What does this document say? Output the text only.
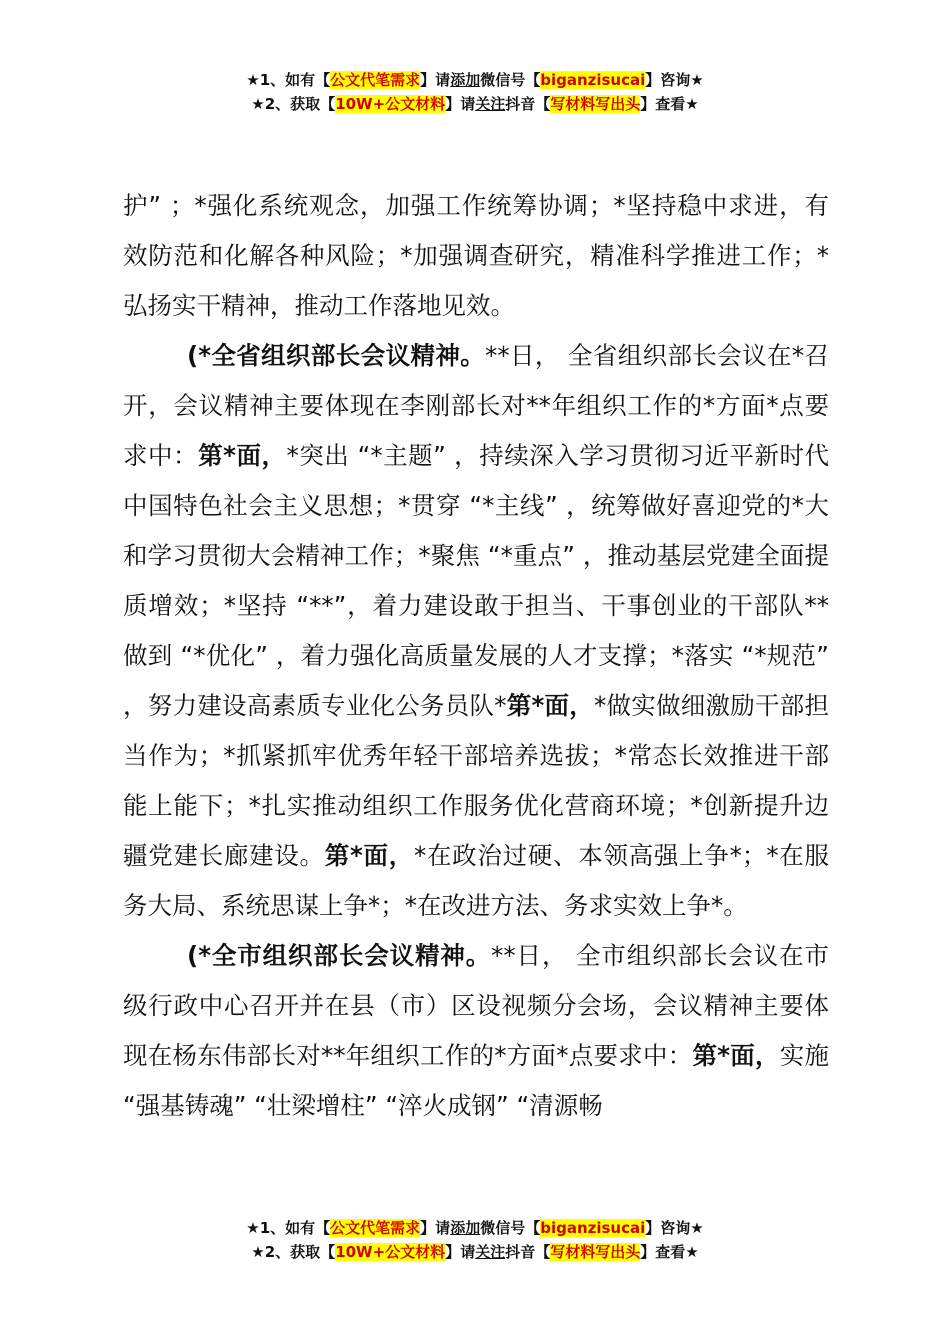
★1、如有【公文代笔需求】请添加微信号【biganzisucai】咨询★
★2、获取【10W+公文材料】请关注抖音【写材料写出头】查看★

护” ；*强化系统观念，加强工作统筹协调；*坚持稳中求进，有效防范和化解各种风险；*加强调查研究，精准科学推进工作；*弘扬实干精神，推动工作落地见效。

(*全省组织部长会议精神。**日， 全省组织部长会议在*召开，会议精神主要体现在李刚部长对**年组织工作的*方面*点要求中：第*面，*突出 “*主题” ，持续深入学习贯彻习近平新时代中国特色社会主义思想；*贯穿 “*主线” ，统筹做好喜迎党的*大和学习贯彻大会精神工作；*聚焦 “*重点” ，推动基层党建全面提质增效；*坚持 “**”，着力建设敢于担当、干事创业的干部队**做到 “*优化” ，着力强化高质量发展的人才支撑；*落实 “*规范” ，努力建设高素质专业化公务员队*第*面，*做实做细激励干部担当作为；*抓紧抓牢优秀年轻干部培养选拔；*常态长效推进干部能上能下；*扎实推动组织工作服务优化营商环境；*创新提升边疆党建长廊建设。第*面，*在政治过硬、本领高强上争*；*在服务大局、系统思谋上争*；*在改进方法、务求实效上争*。

(*全市组织部长会议精神。**日， 全市组织部长会议在市级行政中心召开并在县（市）区设视频分会场，会议精神主要体现在杨东伟部长对**年组织工作的*方面*点要求中：第*面，实施 “强基铸魂” “壮梁增柱” “淬火成钢” “清源畅

★1、如有【公文代笔需求】请添加微信号【biganzisucai】咨询★
★2、获取【10W+公文材料】请关注抖音【写材料写出头】查看★
